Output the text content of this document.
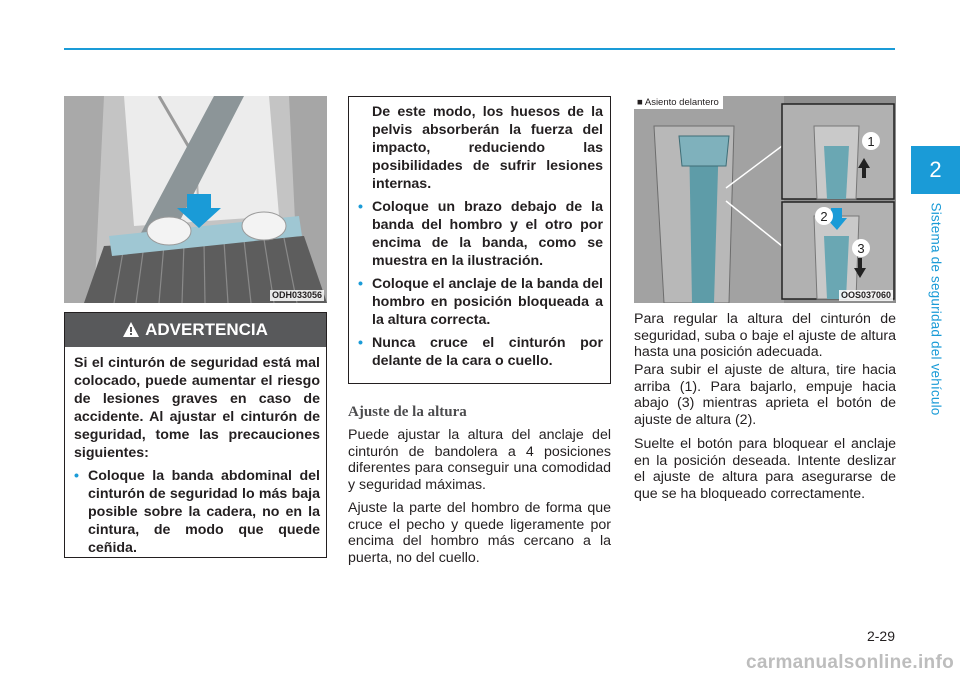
2
Sistema de seguridad del vehículo
ODH033056
1
2
3
■ Asiento delantero
OOS037060
ADVERTENCIA

Si el cinturón de seguridad está mal colocado, puede aumentar el riesgo de lesiones graves en caso de accidente. Al ajustar el cinturón de seguridad, tome las precauciones siguientes:

• Coloque la banda abdominal del cinturón de seguridad lo más baja posible sobre la cadera, no en la cintura, de modo que quede ceñida.

De este modo, los huesos de la pelvis absorberán la fuerza del impacto, reduciendo las posibilidades de sufrir lesiones internas.

• Coloque un brazo debajo de la banda del hombro y el otro por encima de la banda, como se muestra en la ilustración.

• Coloque el anclaje de la banda del hombro en posición bloqueada a la altura correcta.

• Nunca cruce el cinturón por delante de la cara o cuello.

Ajuste de la altura

Puede ajustar la altura del anclaje del cinturón de bandolera a 4 posiciones diferentes para conseguir una comodidad y seguridad máximas.

Ajuste la parte del hombro de forma que cruce el pecho y quede ligeramente por encima del hombro más cercano a la puerta, no del cuello.

Para regular la altura del cinturón de seguridad, suba o baje el ajuste de altura hasta una posición adecuada.

Para subir el ajuste de altura, tire hacia arriba (1). Para bajarlo, empuje hacia abajo (3) mientras aprieta el botón de ajuste de altura (2).

Suelte el botón para bloquear el anclaje en la posición deseada. Intente deslizar el ajuste de altura para asegurarse de que se ha bloqueado correctamente.

2-29
carmanualsonline.info
